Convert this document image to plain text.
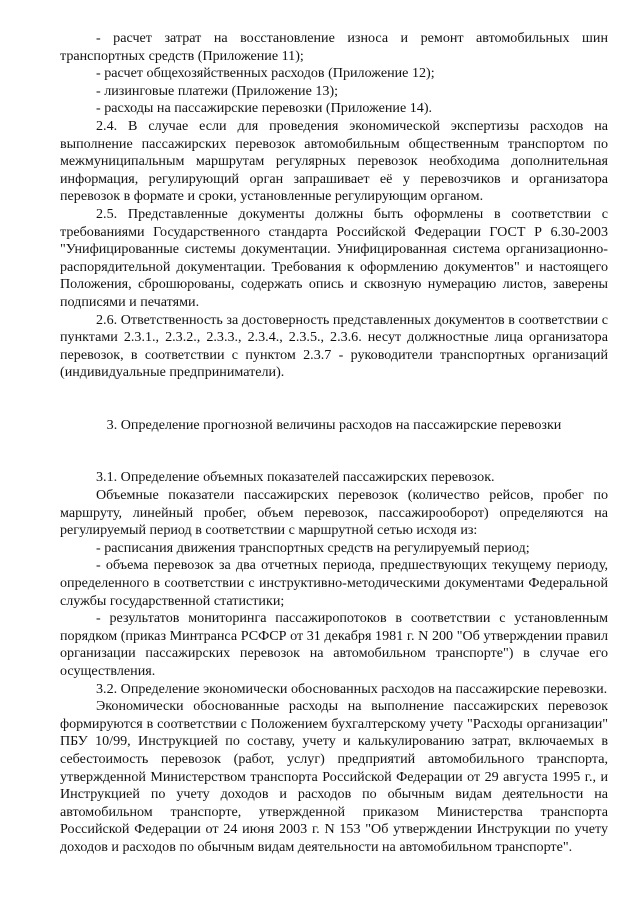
- расчет затрат на восстановление износа и ремонт автомобильных шин транспортных средств (Приложение 11);

- расчет общехозяйственных расходов (Приложение 12);

- лизинговые платежи (Приложение 13);

- расходы на пассажирские перевозки (Приложение 14).

2.4. В случае если для проведения экономической экспертизы расходов на выполнение пассажирских перевозок автомобильным общественным транспортом по межмуниципальным маршрутам регулярных перевозок необходима дополнительная информация, регулирующий орган запрашивает её у перевозчиков и организатора перевозок в формате и сроки, установленные регулирующим органом.

2.5. Представленные документы должны быть оформлены в соответствии с требованиями Государственного стандарта Российской Федерации ГОСТ Р 6.30-2003 "Унифицированные системы документации. Унифицированная система организационно-распорядительной документации. Требования к оформлению документов" и настоящего Положения, сброшюрованы, содержать опись и сквозную нумерацию листов, заверены подписями и печатями.

2.6. Ответственность за достоверность представленных документов в соответствии с пунктами 2.3.1., 2.3.2., 2.3.3., 2.3.4., 2.3.5., 2.3.6. несут должностные лица организатора перевозок, в соответствии с пунктом 2.3.7 - руководители транспортных организаций (индивидуальные предприниматели).

3. Определение прогнозной величины расходов на пассажирские перевозки

3.1. Определение объемных показателей пассажирских перевозок.

Объемные показатели пассажирских перевозок (количество рейсов, пробег по маршруту, линейный пробег, объем перевозок, пассажирооборот) определяются на регулируемый период в соответствии с маршрутной сетью исходя из:

- расписания движения транспортных средств на регулируемый период;

- объема перевозок за два отчетных периода, предшествующих текущему периоду, определенного в соответствии с инструктивно-методическими документами Федеральной службы государственной статистики;

- результатов мониторинга пассажиропотоков в соответствии с установленным порядком (приказ Минтранса РСФСР от 31 декабря 1981 г. N 200 "Об утверждении правил организации пассажирских перевозок на автомобильном транспорте") в случае его осуществления.

3.2. Определение экономически обоснованных расходов на пассажирские перевозки.

Экономически обоснованные расходы на выполнение пассажирских перевозок формируются в соответствии с Положением бухгалтерскому учету "Расходы организации" ПБУ 10/99, Инструкцией по составу, учету и калькулированию затрат, включаемых в себестоимость перевозок (работ, услуг) предприятий автомобильного транспорта, утвержденной Министерством транспорта Российской Федерации от 29 августа 1995 г., и Инструкцией по учету доходов и расходов по обычным видам деятельности на автомобильном транспорте, утвержденной приказом Министерства транспорта Российской Федерации от 24 июня 2003 г. N 153 "Об утверждении Инструкции по учету доходов и расходов по обычным видам деятельности на автомобильном транспорте".
